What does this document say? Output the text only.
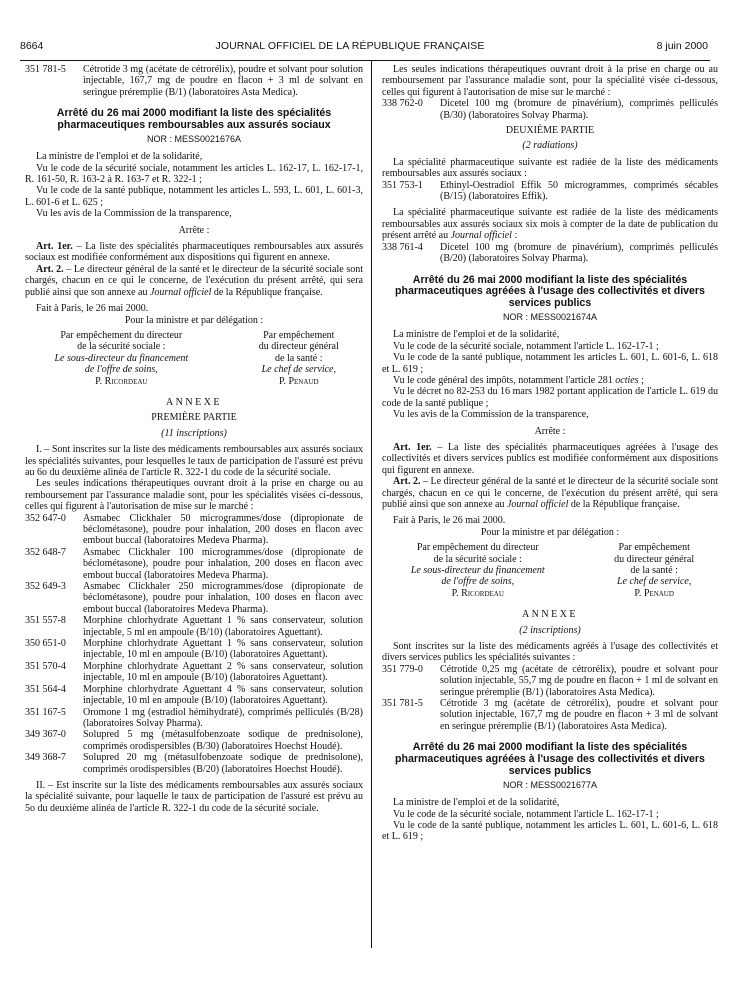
8664	JOURNAL OFFICIEL DE LA RÉPUBLIQUE FRANÇAISE	8 juin 2000
351 781-5	Cétrotide 3 mg (acétate de cétrorélix), poudre et solvant pour solution injectable, 167,7 mg de poudre en flacon + 3 ml de solvant en seringue préremplie (B/1) (laboratoires Asta Medica).
Arrêté du 26 mai 2000 modifiant la liste des spécialités pharmaceutiques remboursables aux assurés sociaux
NOR : MESS0021676A

La ministre de l'emploi et de la solidarité,

Vu le code de la sécurité sociale, notamment les articles L. 162-17, L. 162-17-1, R. 161-50, R. 163-2 à R. 163-7 et R. 322-1 ;

Vu le code de la santé publique, notamment les articles L. 593, L. 601, L. 601-3, L. 601-6 et L. 625 ;

Vu les avis de la Commission de la transparence,

Arrête :

Art. 1er. – La liste des spécialités pharmaceutiques remboursables aux assurés sociaux est modifiée conformément aux dispositions qui figurent en annexe.

Art. 2. – Le directeur général de la santé et le directeur de la sécurité sociale sont chargés, chacun en ce qui le concerne, de l'exécution du présent arrêté, qui sera publié ainsi que son annexe au Journal officiel de la République française.

Fait à Paris, le 26 mai 2000.

Pour la ministre et par délégation :

Par empêchement du directeur
de la sécurité sociale :
Le sous-directeur du financement
de l'offre de soins,
P. Ricordeau
Par empêchement
du directeur général
de la santé :
Le chef de service,
P. Penaud
ANNEXE
PREMIÈRE PARTIE
(11 inscriptions)

I. – Sont inscrites sur la liste des médicaments remboursables aux assurés sociaux les spécialités suivantes, pour lesquelles le taux de participation de l'assuré est prévu au 6o du deuxième alinéa de l'article R. 322-1 du code de la sécurité sociale.

Les seules indications thérapeutiques ouvrant droit à la prise en charge ou au remboursement par l'assurance maladie sont, pour les spécialités visées ci-dessous, celles qui figurent à l'autorisation de mise sur le marché :

352 647-0	Asmabec Clickhaler 50 microgrammes/dose (dipropionate de béclométasone), poudre pour inhalation, 200 doses en flacon avec embout buccal (laboratoires Medeva Pharma).
352 648-7	Asmabec Clickhaler 100 microgrammes/dose (dipropionate de béclométasone), poudre pour inhalation, 200 doses en flacon avec embout buccal (laboratoires Medeva Pharma).
352 649-3	Asmabec Clickhaler 250 microgrammes/dose (dipropionate de béclométasone), poudre pour inhalation, 100 doses en flacon avec embout buccal (laboratoires Medeva Pharma).
351 557-8	Morphine chlorhydrate Aguettant 1 % sans conservateur, solution injectable, 5 ml en ampoule (B/10) (laboratoires Aguettant).
350 651-0	Morphine chlorhydrate Aguettant 1 % sans conservateur, solution injectable, 10 ml en ampoule (B/10) (laboratoires Aguettant).
351 570-4	Morphine chlorhydrate Aguettant 2 % sans conservateur, solution injectable, 10 ml en ampoule (B/10) (laboratoires Aguettant).
351 564-4	Morphine chlorhydrate Aguettant 4 % sans conservateur, solution injectable, 10 ml en ampoule (B/10) (laboratoires Aguettant).
351 167-5	Oromone 1 mg (estradiol hémihydraté), comprimés pelliculés (B/28) (laboratoires Solvay Pharma).
349 367-0	Solupred 5 mg (métasulfobenzoate sodique de prednisolone), comprimés orodispersibles (B/30) (laboratoires Hoechst Houdé).
349 368-7	Solupred 20 mg (métasulfobenzoate sodique de prednisolone), comprimés orodispersibles (B/20) (laboratoires Hoechst Houdé).

II. – Est inscrite sur la liste des médicaments remboursables aux assurés sociaux la spécialité suivante, pour laquelle le taux de participation de l'assuré est prévu au 5o du deuxième alinéa de l'article R. 322-1 du code de la sécurité sociale.

Les seules indications thérapeutiques ouvrant droit à la prise en charge ou au remboursement par l'assurance maladie sont, pour la spécialité visée ci-dessous, celles qui figurent à l'autorisation de mise sur le marché :

338 762-0	Dicetel 100 mg (bromure de pinavérium), comprimés pelliculés (B/30) (laboratoires Solvay Pharma).
DEUXIÈME PARTIE
(2 radiations)

La spécialité pharmaceutique suivante est radiée de la liste des médicaments remboursables aux assurés sociaux :

351 753-1	Ethinyl-Oestradiol Effik 50 microgrammes, comprimés sécables (B/15) (laboratoires Effik).

La spécialité pharmaceutique suivante est radiée de la liste des médicaments remboursables aux assurés sociaux six mois à compter de la date de publication du présent arrêté au Journal officiel :

338 761-4	Dicetel 100 mg (bromure de pinavérium), comprimés pelliculés (B/20) (laboratoires Solvay Pharma).
Arrêté du 26 mai 2000 modifiant la liste des spécialités pharmaceutiques agréées à l'usage des collectivités et divers services publics
NOR : MESS0021674A

La ministre de l'emploi et de la solidarité,

Vu le code de la sécurité sociale, notamment l'article L. 162-17-1 ;

Vu le code de la santé publique, notamment les articles L. 601, L. 601-6, L. 618 et L. 619 ;

Vu le code général des impôts, notamment l'article 281 octies ;

Vu le décret no 82-253 du 16 mars 1982 portant application de l'article L. 619 du code de la santé publique ;

Vu les avis de la Commission de la transparence,

Arrête :

Art. 1er. – La liste des spécialités pharmaceutiques agréées à l'usage des collectivités et divers services publics est modifiée conformément aux dispositions qui figurent en annexe.

Art. 2. – Le directeur général de la santé et le directeur de la sécurité sociale sont chargés, chacun en ce qui le concerne, de l'exécution du présent arrêté, qui sera publié ainsi que son annexe au Journal officiel de la République française.

Fait à Paris, le 26 mai 2000.

Pour la ministre et par délégation :

Par empêchement du directeur
de la sécurité sociale :
Le sous-directeur du financement
de l'offre de soins,
P. Ricordeau
Par empêchement
du directeur général
de la santé :
Le chef de service,
P. Penaud
ANNEXE
(2 inscriptions)

Sont inscrites sur la liste des médicaments agréés à l'usage des collectivités et divers services publics les spécialités suivantes :

351 779-0	Cétrotide 0,25 mg (acétate de cétrorélix), poudre et solvant pour solution injectable, 55,7 mg de poudre en flacon + 1 ml de solvant en seringue préremplie (B/1) (laboratoires Asta Medica).
351 781-5	Cétrotide 3 mg (acétate de cétrorélix), poudre et solvant pour solution injectable, 167,7 mg de poudre en flacon + 3 ml de solvant en seringue préremplie (B/1) (laboratoires Asta Medica).
Arrêté du 26 mai 2000 modifiant la liste des spécialités pharmaceutiques agréées à l'usage des collectivités et divers services publics
NOR : MESS0021677A

La ministre de l'emploi et de la solidarité,

Vu le code de la sécurité sociale, notamment l'article L. 162-17-1 ;

Vu le code de la santé publique, notamment les articles L. 601, L. 601-6, L. 618 et L. 619 ;
